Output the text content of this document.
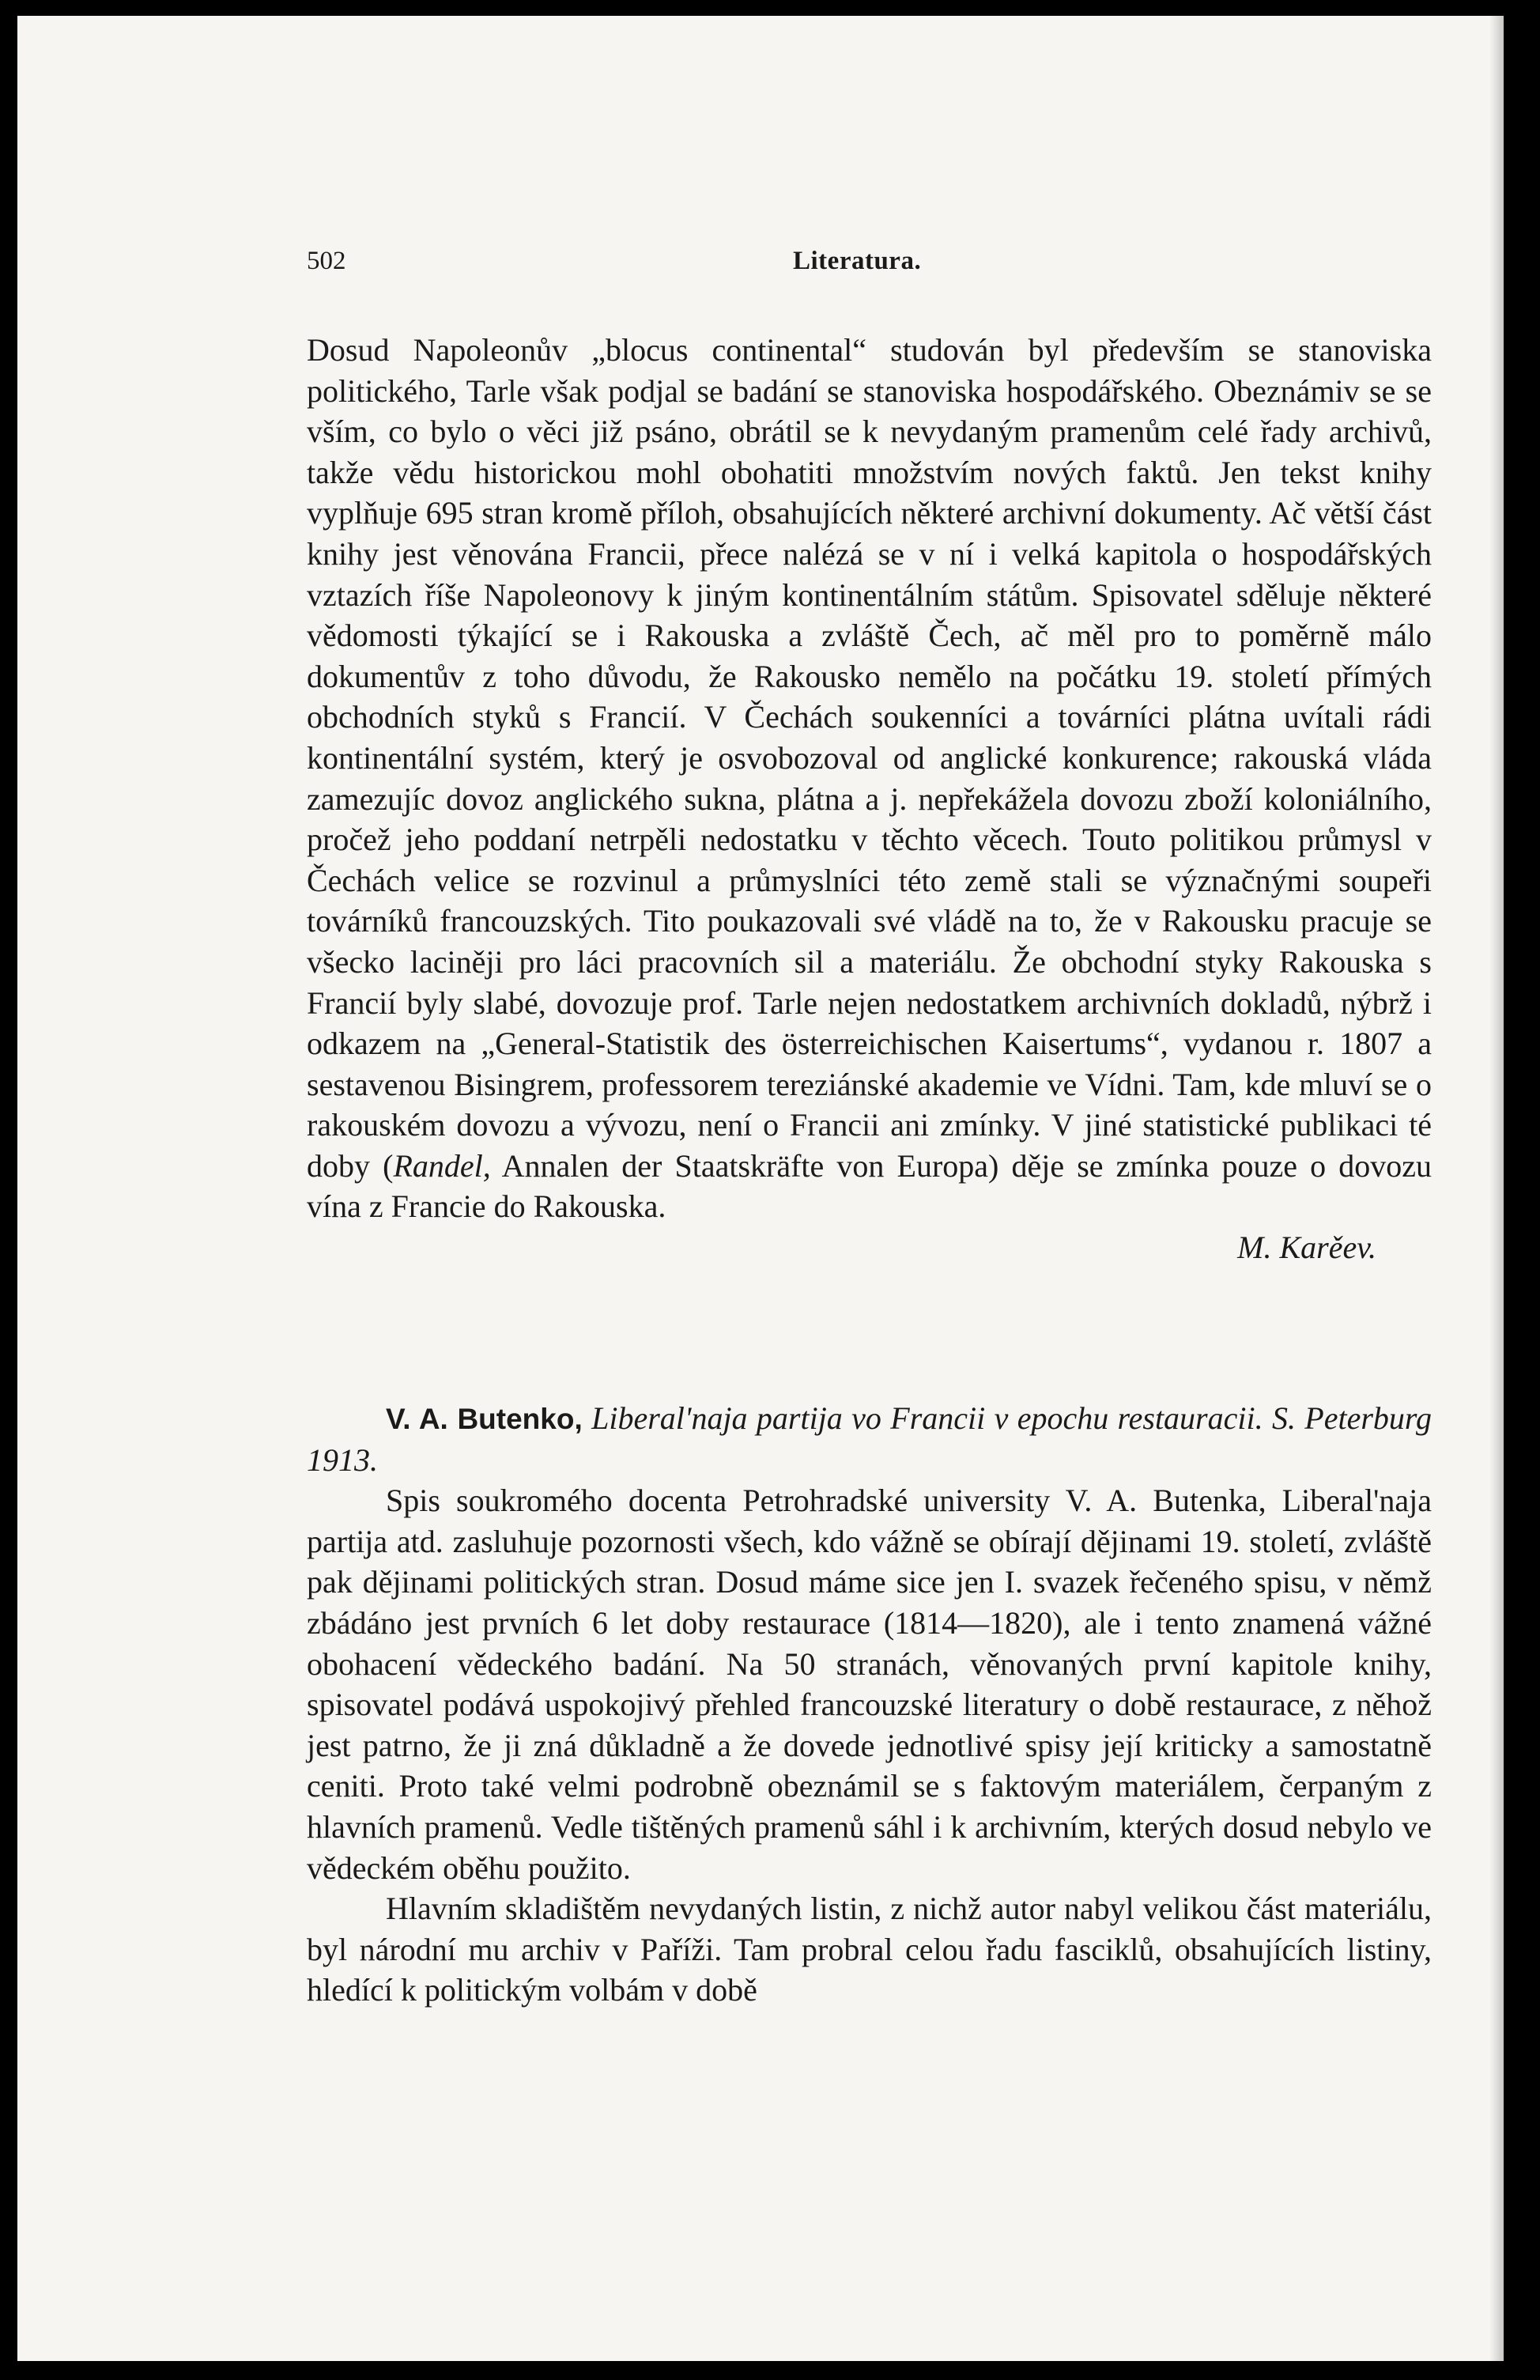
502	Literatura.

Dosud Napoleonův „blocus continental“ studován byl především se stanoviska politického, Tarle však podjal se badání se stanoviska hospodářského. Obeznámiv se se vším, co bylo o věci již psáno, obrátil se k nevydaným pramenům celé řady archivů, takže vědu historickou mohl obohatiti množstvím nových faktů. Jen tekst knihy vyplňuje 695 stran kromě příloh, obsahujících některé archivní dokumenty. Ač větší část knihy jest věnována Francii, přece nalézá se v ní i velká kapitola o hospodářských vztazích říše Napoleonovy k jiným kontinentálním státům. Spisovatel sděluje některé vědomosti týkající se i Rakouska a zvláště Čech, ač měl pro to poměrně málo dokumentův z toho důvodu, že Rakousko nemělo na počátku 19. století přímých obchodních styků s Francií. V Čechách soukenníci a továrníci plátna uvítali rádi kontinentální systém, který je osvobozoval od anglické konkurence; rakouská vláda zamezujíc dovoz anglického sukna, plátna a j. nepřekážela dovozu zboží koloniálního, pročež jeho poddaní netrpěli nedostatku v těchto věcech. Touto politikou průmysl v Čechách velice se rozvinul a průmyslníci této země stali se význačnými soupeři továrníků francouzských. Tito poukazovali své vládě na to, že v Rakousku pracuje se všecko laciněji pro láci pracovních sil a materiálu. Že obchodní styky Rakouska s Francií byly slabé, dovozuje prof. Tarle nejen nedostatkem archivních dokladů, nýbrž i odkazem na „General-Statistik des österreichischen Kaisertums“, vydanou r. 1807 a sestavenou Bisingrem, professorem tereziánské akademie ve Vídni. Tam, kde mluví se o rakouském dovozu a vývozu, není o Francii ani zmínky. V jiné statistické publikaci té doby (Randel, Annalen der Staatskräfte von Europa) děje se zmínka pouze o dovozu vína z Francie do Rakouska.

M. Karěev.

V. A. Butenko, Liberal'naja partija vo Francii v epochu restauracii. S. Peterburg 1913.

Spis soukromého docenta Petrohradské university V. A. Butenka, Liberal'naja partija atd. zasluhuje pozornosti všech, kdo vážně se obírají dějinami 19. století, zvláště pak dějinami politických stran. Dosud máme sice jen I. svazek řečeného spisu, v němž zbádáno jest prvních 6 let doby restaurace (1814—1820), ale i tento znamená vážné obohacení vědeckého badání. Na 50 stranách, věnovaných první kapitole knihy, spisovatel podává uspokojivý přehled francouzské literatury o době restaurace, z něhož jest patrno, že ji zná důkladně a že dovede jednotlivé spisy její kriticky a samostatně ceniti. Proto také velmi podrobně obeznámil se s faktovým materiálem, čerpaným z hlavních pramenů. Vedle tištěných pramenů sáhl i k archivním, kterých dosud nebylo ve vědeckém oběhu použito.

Hlavním skladištěm nevydaných listin, z nichž autor nabyl velikou část materiálu, byl národní mu archiv v Paříži. Tam probral celou řadu fasciklů, obsahujících listiny, hledící k politickým volbám v době
